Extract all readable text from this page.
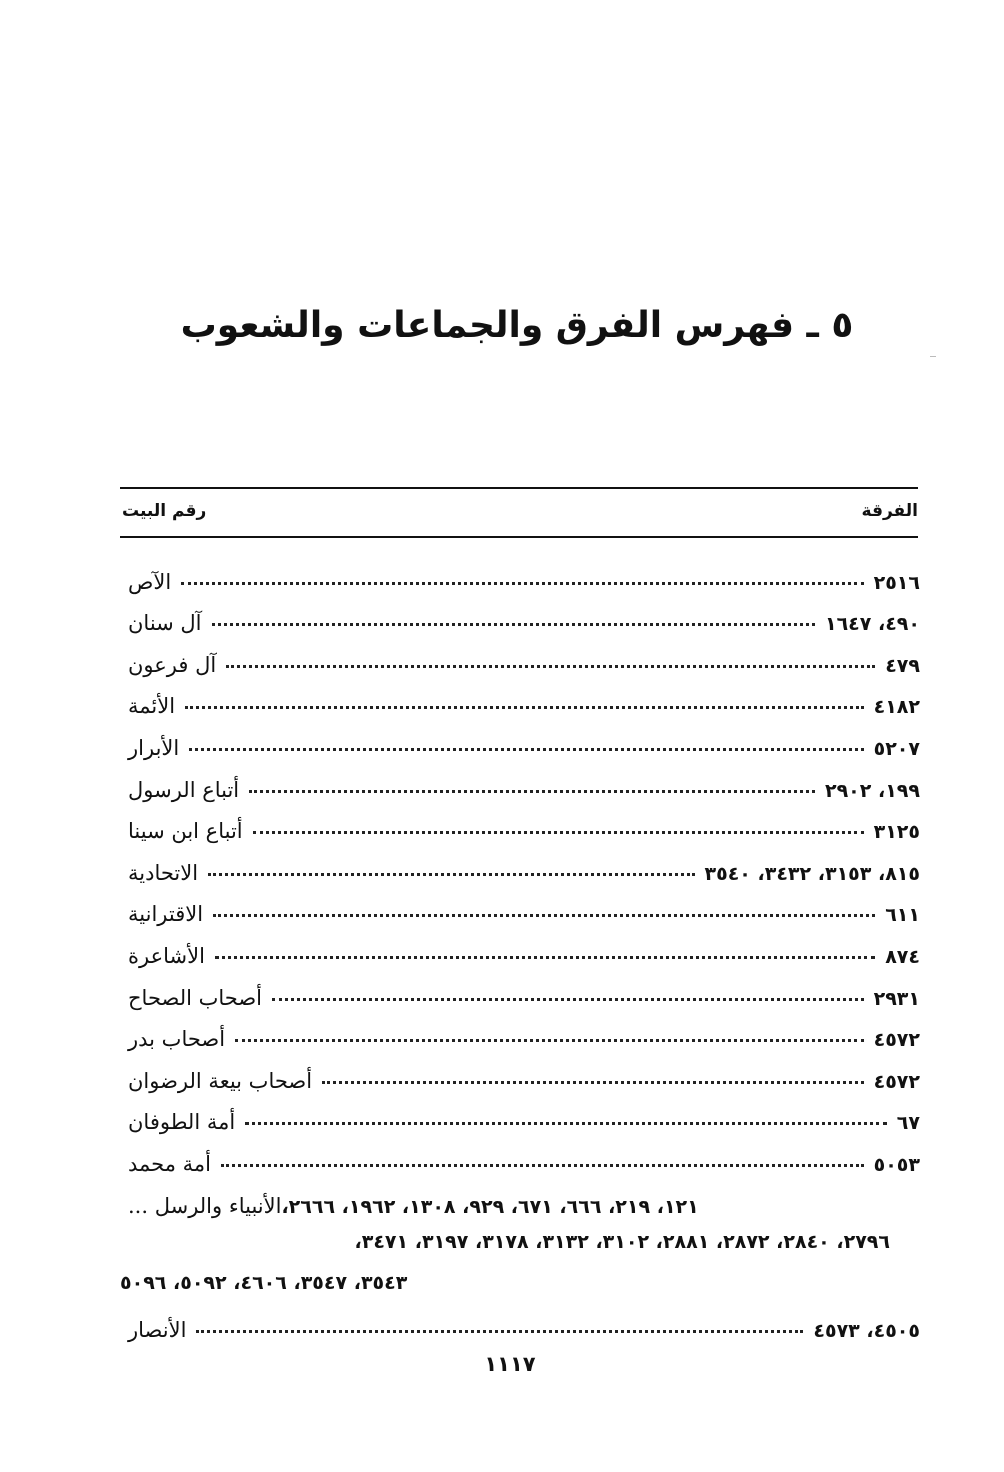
٥ ـ فهرس الفرق والجماعات والشعوب
الفرقة
رقم البيت
الآص	٢٥١٦
آل سنان	٤٩٠، ١٦٤٧
آل فرعون	٤٧٩
الأئمة	٤١٨٢
الأبرار	٥٢٠٧
أتباع الرسول	١٩٩، ٢٩٠٢
أتباع ابن سينا	٣١٢٥
الاتحادية	٨١٥، ٣١٥٣، ٣٤٣٢، ٣٥٤٠
الاقترانية	٦١١
الأشاعرة	٨٧٤
أصحاب الصحاح	٢٩٣١
أصحاب بدر	٤٥٧٢
أصحاب بيعة الرضوان	٤٥٧٢
أمة الطوفان	٦٧
أمة محمد	٥٠٥٣
الأنبياء والرسل ... ١٢١، ٢١٩، ٦٦٦، ٦٧١، ٩٢٩، ١٣٠٨، ١٩٦٢، ٢٦٦٦،
٢٧٩٦، ٢٨٤٠، ٢٨٧٢، ٢٨٨١، ٣١٠٢، ٣١٣٢، ٣١٧٨، ٣١٩٧، ٣٤٧١،
٣٥٤٣، ٣٥٤٧، ٤٦٠٦، ٥٠٩٢، ٥٠٩٦
الأنصار	٤٥٠٥، ٤٥٧٣
١١١٧
